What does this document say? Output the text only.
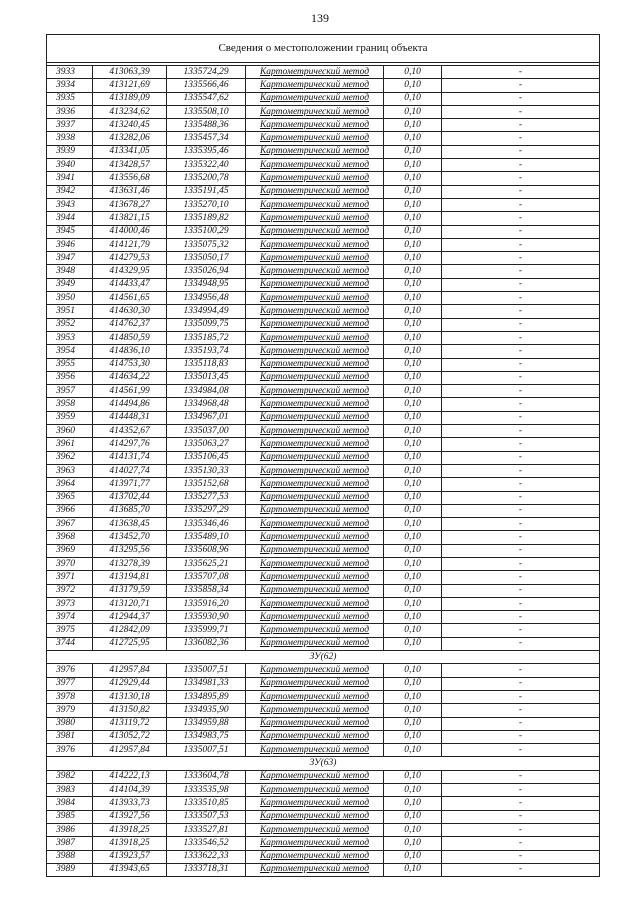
139
Сведения о местоположении границ объекта					

3933	413063,39	1335724,29	Картометрический метод	0,10	-
3934	413121,69	1335566,46	Картометрический метод	0,10	-
3935	413189,09	1335547,62	Картометрический метод	0,10	-
3936	413234,62	1335508,10	Картометрический метод	0,10	-
3937	413240,45	1335488,36	Картометрический метод	0,10	-
3938	413282,06	1335457,34	Картометрический метод	0,10	-
3939	413341,05	1335395,46	Картометрический метод	0,10	-
3940	413428,57	1335322,40	Картометрический метод	0,10	-
3941	413556,68	1335200,78	Картометрический метод	0,10	-
3942	413631,46	1335191,45	Картометрический метод	0,10	-
3943	413678,27	1335270,10	Картометрический метод	0,10	-
3944	413821,15	1335189,82	Картометрический метод	0,10	-
3945	414000,46	1335100,29	Картометрический метод	0,10	-
3946	414121,79	1335075,32	Картометрический метод	0,10	-
3947	414279,53	1335050,17	Картометрический метод	0,10	-
3948	414329,95	1335026,94	Картометрический метод	0,10	-
3949	414433,47	1334948,95	Картометрический метод	0,10	-
3950	414561,65	1334956,48	Картометрический метод	0,10	-
3951	414630,30	1334994,49	Картометрический метод	0,10	-
3952	414762,37	1335099,75	Картометрический метод	0,10	-
3953	414850,59	1335185,72	Картометрический метод	0,10	-
3954	414836,10	1335193,74	Картометрический метод	0,10	-
3955	414753,30	1335118,83	Картометрический метод	0,10	-
3956	414634,22	1335013,45	Картометрический метод	0,10	-
3957	414561,99	1334984,08	Картометрический метод	0,10	-
3958	414494,86	1334968,48	Картометрический метод	0,10	-
3959	414448,31	1334967,01	Картометрический метод	0,10	-
3960	414352,67	1335037,00	Картометрический метод	0,10	-
3961	414297,76	1335063,27	Картометрический метод	0,10	-
3962	414131,74	1335106,45	Картометрический метод	0,10	-
3963	414027,74	1335130,33	Картометрический метод	0,10	-
3964	413971,77	1335152,68	Картометрический метод	0,10	-
3965	413702,44	1335277,53	Картометрический метод	0,10	-
3966	413685,70	1335297,29	Картометрический метод	0,10	-
3967	413638,45	1335346,46	Картометрический метод	0,10	-
3968	413452,70	1335489,10	Картометрический метод	0,10	-
3969	413295,56	1335608,96	Картометрический метод	0,10	-
3970	413278,39	1335625,21	Картометрический метод	0,10	-
3971	413194,81	1335707,08	Картометрический метод	0,10	-
3972	413179,59	1335858,34	Картометрический метод	0,10	-
3973	413120,71	1335916,20	Картометрический метод	0,10	-
3974	412944,37	1335930,90	Картометрический метод	0,10	-
3975	412842,09	1335999,71	Картометрический метод	0,10	-
3744	412725,95	1336082,36	Картометрический метод	0,10	-
ЗУ(62)					
3976	412957,84	1335007,51	Картометрический метод	0,10	-
3977	412929,44	1334981,33	Картометрический метод	0,10	-
3978	413130,18	1334895,89	Картометрический метод	0,10	-
3979	413150,82	1334935,90	Картометрический метод	0,10	-
3980	413119,72	1334959,88	Картометрический метод	0,10	-
3981	413052,72	1334983,75	Картометрический метод	0,10	-
3976	412957,84	1335007,51	Картометрический метод	0,10	-
ЗУ(63)					
3982	414222,13	1333604,78	Картометрический метод	0,10	-
3983	414104,39	1333535,98	Картометрический метод	0,10	-
3984	413933,73	1333510,85	Картометрический метод	0,10	-
3985	413927,56	1333507,53	Картометрический метод	0,10	-
3986	413918,25	1333527,81	Картометрический метод	0,10	-
3987	413918,25	1333546,52	Картометрический метод	0,10	-
3988	413923,57	1333622,33	Картометрический метод	0,10	-
3989	413943,65	1333718,31	Картометрический метод	0,10	-
